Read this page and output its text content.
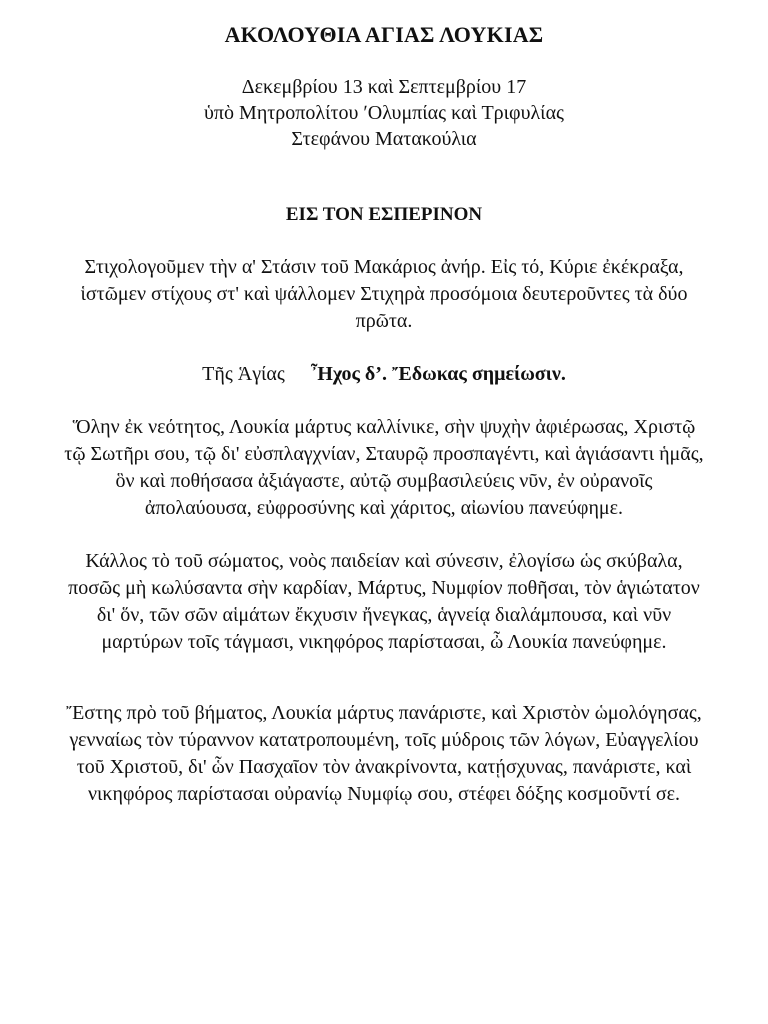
ΑΚΟΛΟΥΘΙΑ ΑΓΙΑΣ ΛΟΥΚΙΑΣ

Δεκεμβρίου 13 καὶ Σεπτεμβρίου 17
ὑπὸ Μητροπολίτου ʹΟλυμπίας καὶ Τριφυλίας
Στεφάνου Ματακούλια

ΕΙΣ ΤΟΝ ΕΣΠΕΡΙΝΟΝ

Στιχολογοῦμεν τὴν α' Στάσιν τοῦ Μακάριος ἀνήρ. Εἰς τό, Κύριε ἐκέκραξα, ἱστῶμεν στίχους στ' καὶ ψάλλομεν Στιχηρὰ προσόμοια δευτεροῦντες τὰ δύο πρῶτα.

Τῆς Ἁγίας Ἦχος δ’. Ἔδωκας σημείωσιν.

Ὅλην ἐκ νεότητος, Λουκία μάρτυς καλλίνικε, σὴν ψυχὴν ἀφιέρωσας, Χριστῷ τῷ Σωτῆρι σου, τῷ δι' εὐσπλαγχνίαν, Σταυρῷ προσπαγέντι, καὶ ἁγιάσαντι ἡμᾶς, ὃν καὶ ποθήσασα ἀξιάγαστε, αὐτῷ συμβασιλεύεις νῦν, ἐν οὐρανοῖς ἀπολαύουσα, εὐφροσύνης καὶ χάριτος, αἰωνίου πανεύφημε.

Κάλλος τὸ τοῦ σώματος, νοὸς παιδείαν καὶ σύνεσιν, ἐλογίσω ὡς σκύβαλα, ποσῶς μὴ κωλύσαντα σὴν καρδίαν, Μάρτυς, Νυμφίον ποθῆσαι, τὸν ἁγιώτατον δι' ὅν, τῶν σῶν αἱμάτων ἔκχυσιν ἤνεγκας, ἁγνείᾳ διαλάμπουσα, καὶ νῦν μαρτύρων τοῖς τάγμασι, νικηφόρος παρίστασαι, ὦ Λουκία πανεύφημε.

Ἔστης πρὸ τοῦ βήματος, Λουκία μάρτυς πανάριστε, καὶ Χριστὸν ὡμολόγησας, γενναίως τὸν τύραννον κατατροπουμένη, τοῖς μύδροις τῶν λόγων, Εὐαγγελίου τοῦ Χριστοῦ, δι' ὧν Πασχαῖον τὸν ἀνακρίνοντα, κατῄσχυνας, πανάριστε, καὶ νικηφόρος παρίστασαι οὐρανίῳ Νυμφίῳ σου, στέφει δόξης κοσμοῦντί σε.
